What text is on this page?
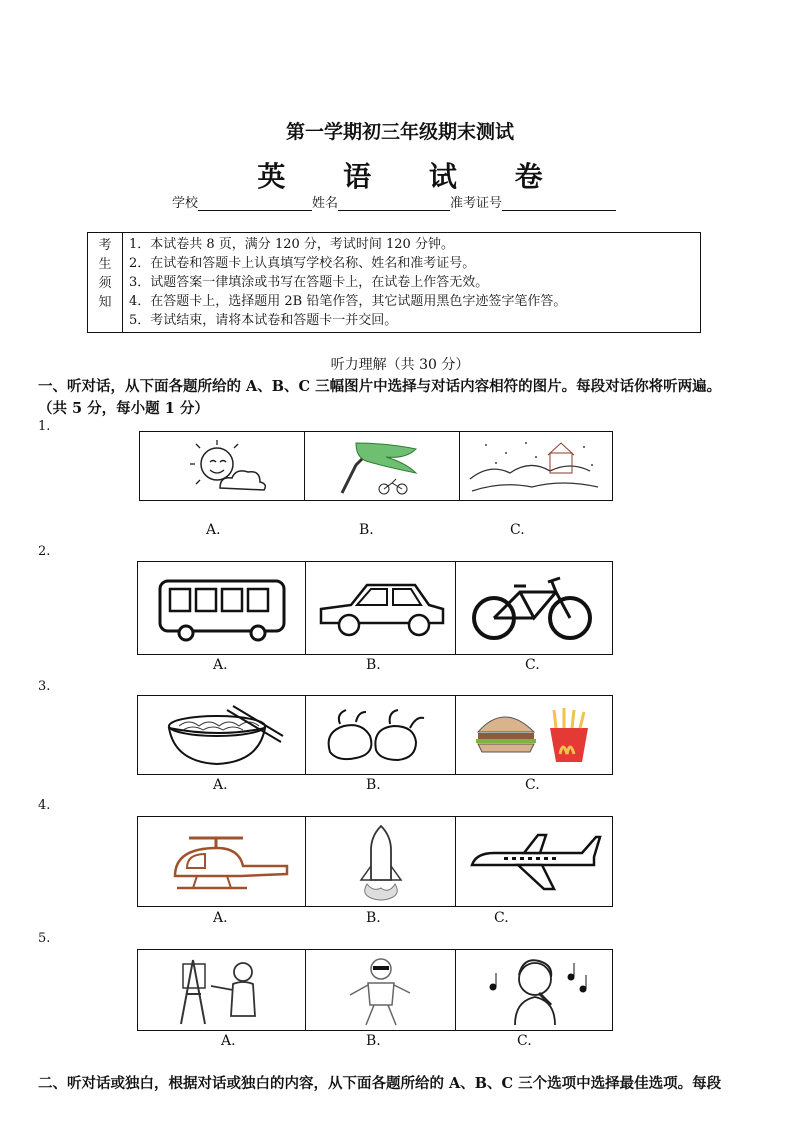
第一学期初三年级期末测试
英 语 试 卷
学校	姓名	准考证号
考
生
须
知

1．本试卷共 8 页，满分 120 分，考试时间 120 分钟。
2．在试卷和答题卡上认真填写学校名称、姓名和准考证号。
3．试题答案一律填涂或书写在答题卡上，在试卷上作答无效。
4．在答题卡上，选择题用 2B 铅笔作答，其它试题用黑色字迹签字笔作答。
5．考试结束，请将本试卷和答题卡一并交回。
听力理解（共 30 分）
一、听对话，从下面各题所给的 A、B、C 三幅图片中选择与对话内容相符的图片。每段对话你将听两遍。
（共 5 分，每小题 1 分）
1.
A.	B.	C.
2.
A.	B.	C.
3.
A.	B.	C.
4.
A.	B.	C.
5.
A.	B.	C.
二、听对话或独白，根据对话或独白的内容，从下面各题所给的 A、B、C 三个选项中选择最佳选项。每段
